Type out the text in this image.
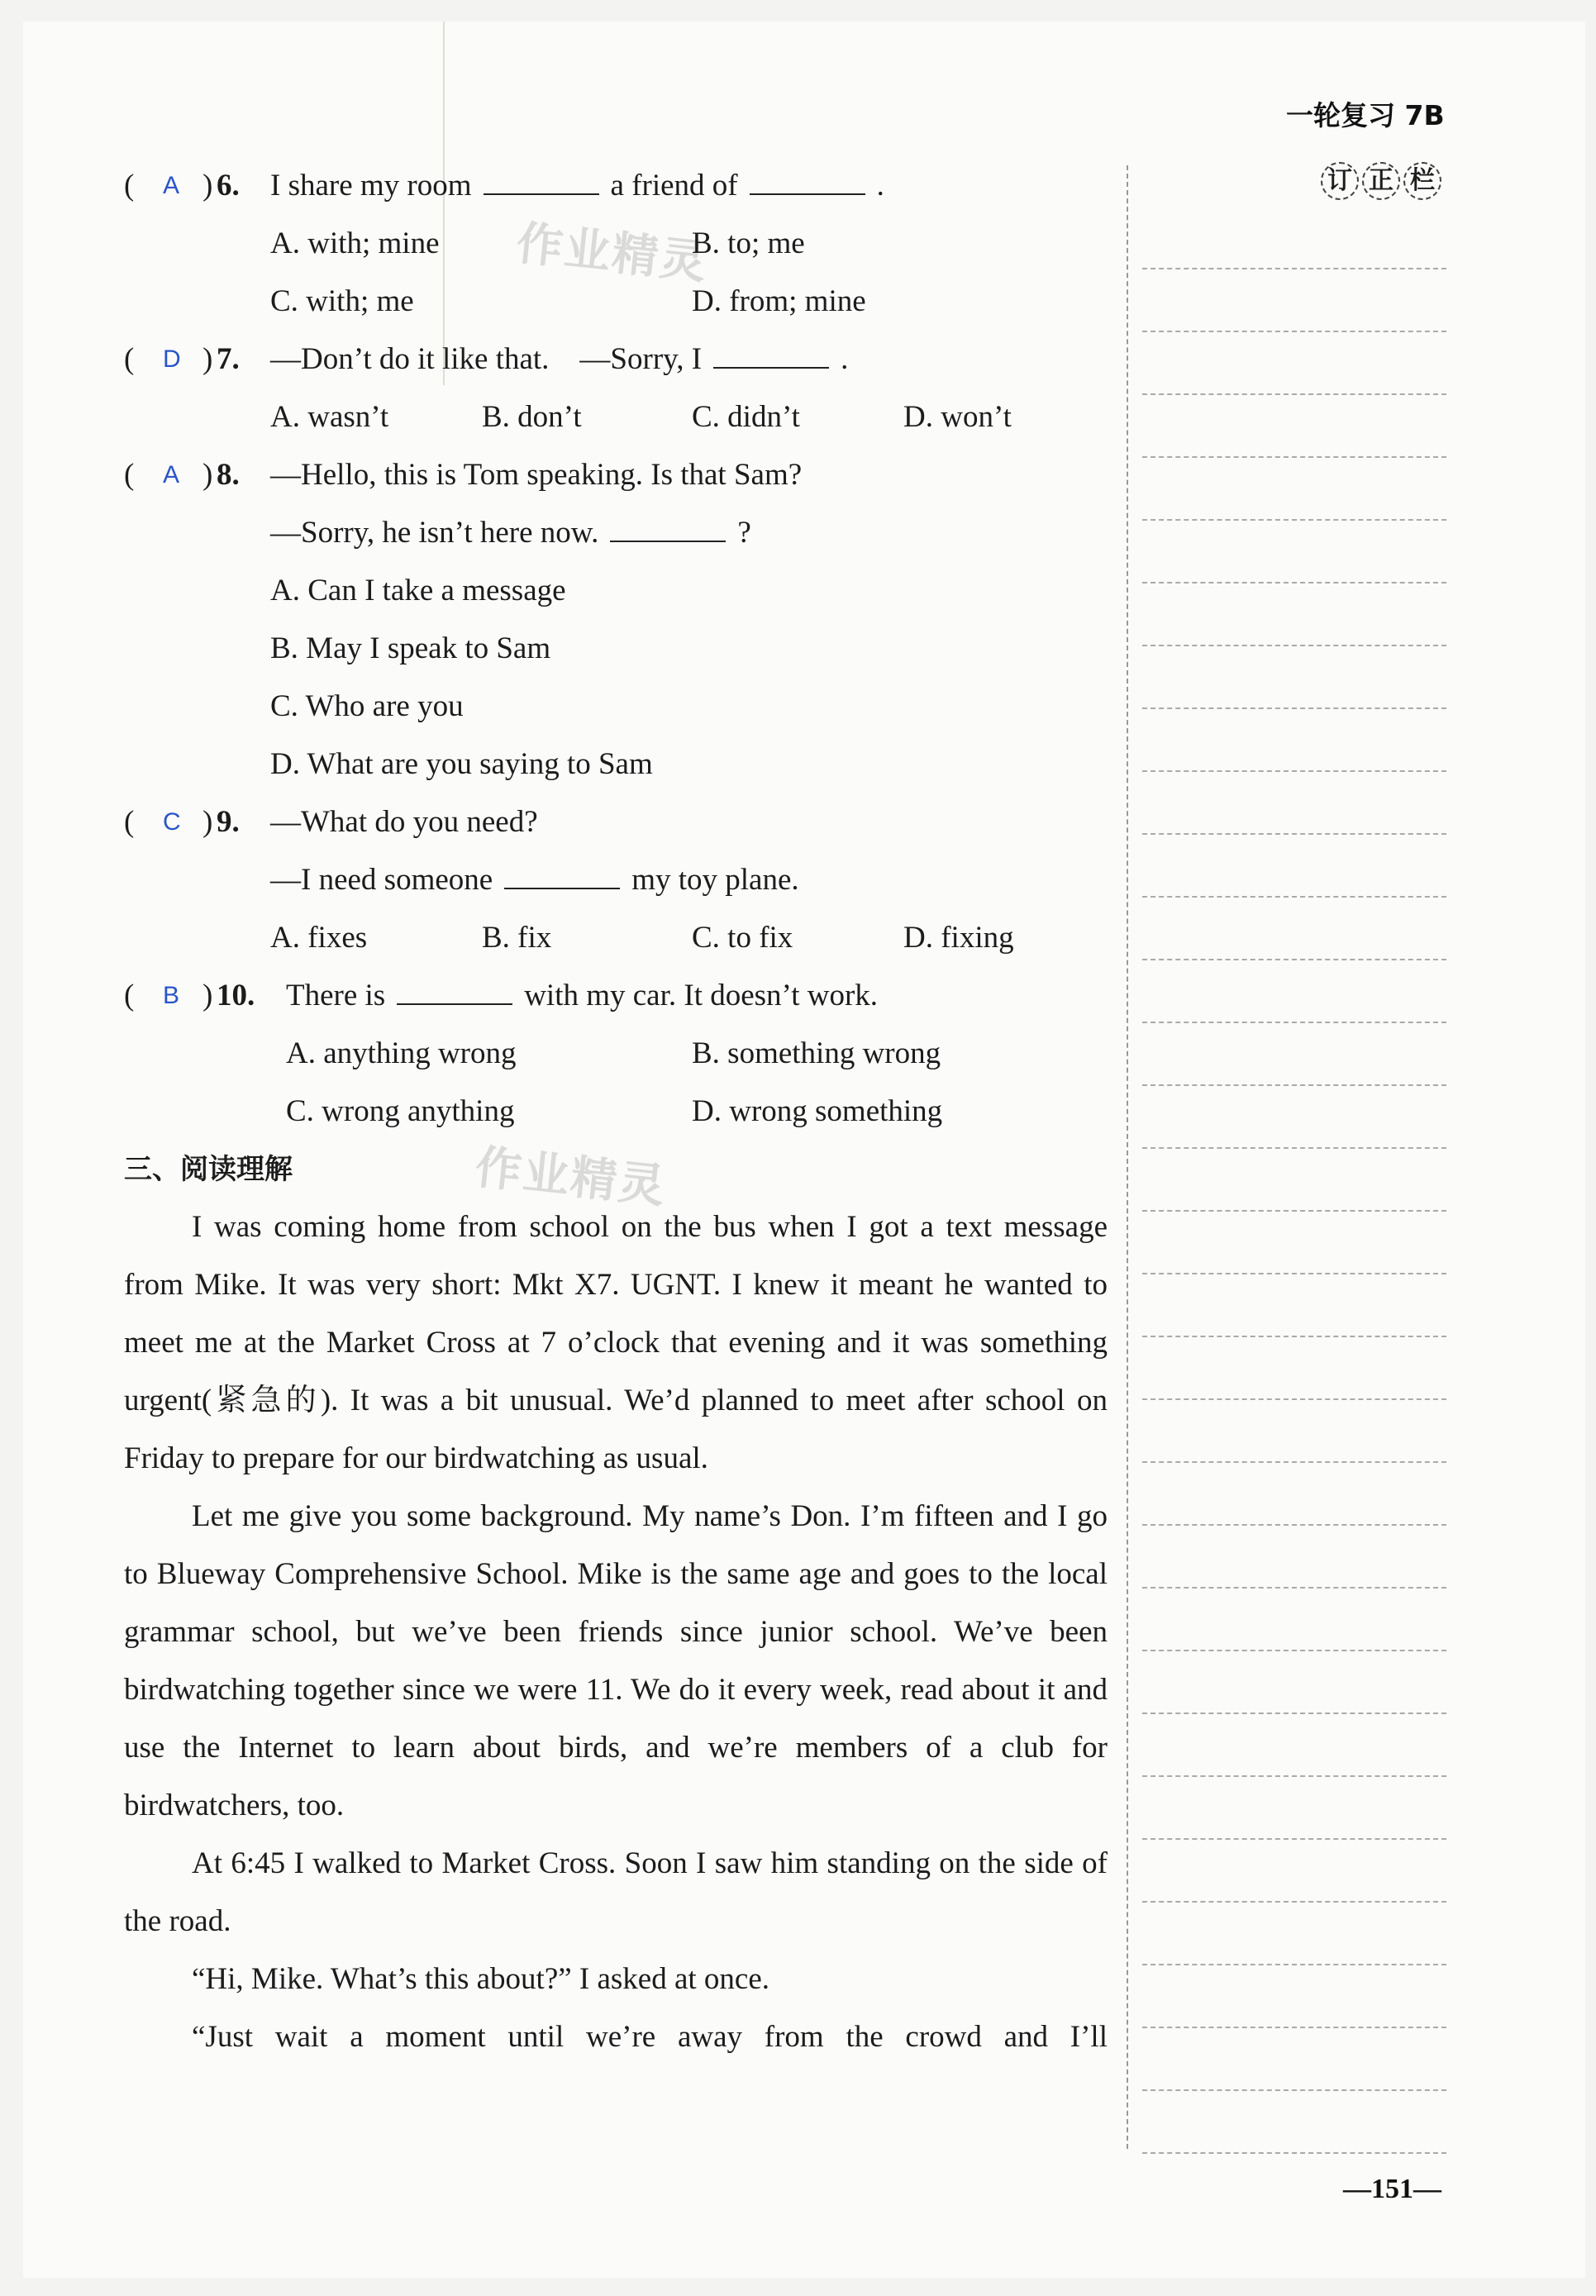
一轮复习 7B
订 正 栏
作业精灵
作业精灵
( A ) 6. I share my room	a friend of	.
A. with; mine	B. to; me
C. with; me	D. from; mine
( D ) 7. —Don’t do it like that.    —Sorry, I	.
A. wasn’t	B. don’t	C. didn’t	D. won’t
( A ) 8. —Hello, this is Tom speaking. Is that Sam?
—Sorry, he isn’t here now.	?
A. Can I take a message
B. May I speak to Sam
C. Who are you
D. What are you saying to Sam
( C ) 9. —What do you need?
—I need someone	my toy plane.
A. fixes	B. fix	C. to fix	D. fixing
( B ) 10. There is	with my car. It doesn’t work.
A. anything wrong	B. something wrong
C. wrong anything	D. wrong something
三、阅读理解
I was coming home from school on the bus when I got a text message from Mike. It was very short: Mkt X7. UGNT. I knew it meant he wanted to meet me at the Market Cross at 7 o’clock that evening and it was something urgent(紧急的). It was a bit unusual. We’d planned to meet after school on Friday to prepare for our birdwatching as usual.
Let me give you some background. My name’s Don. I’m fifteen and I go to Blueway Comprehensive School. Mike is the same age and goes to the local grammar school, but we’ve been friends since junior school. We’ve been birdwatching together since we were 11. We do it every week, read about it and use the Internet to learn about birds, and we’re members of a club for birdwatchers, too.
At 6:45 I walked to Market Cross. Soon I saw him standing on the side of the road.
“Hi, Mike. What’s this about?” I asked at once.
“Just wait a moment until we’re away from the crowd and I’ll
—151—
